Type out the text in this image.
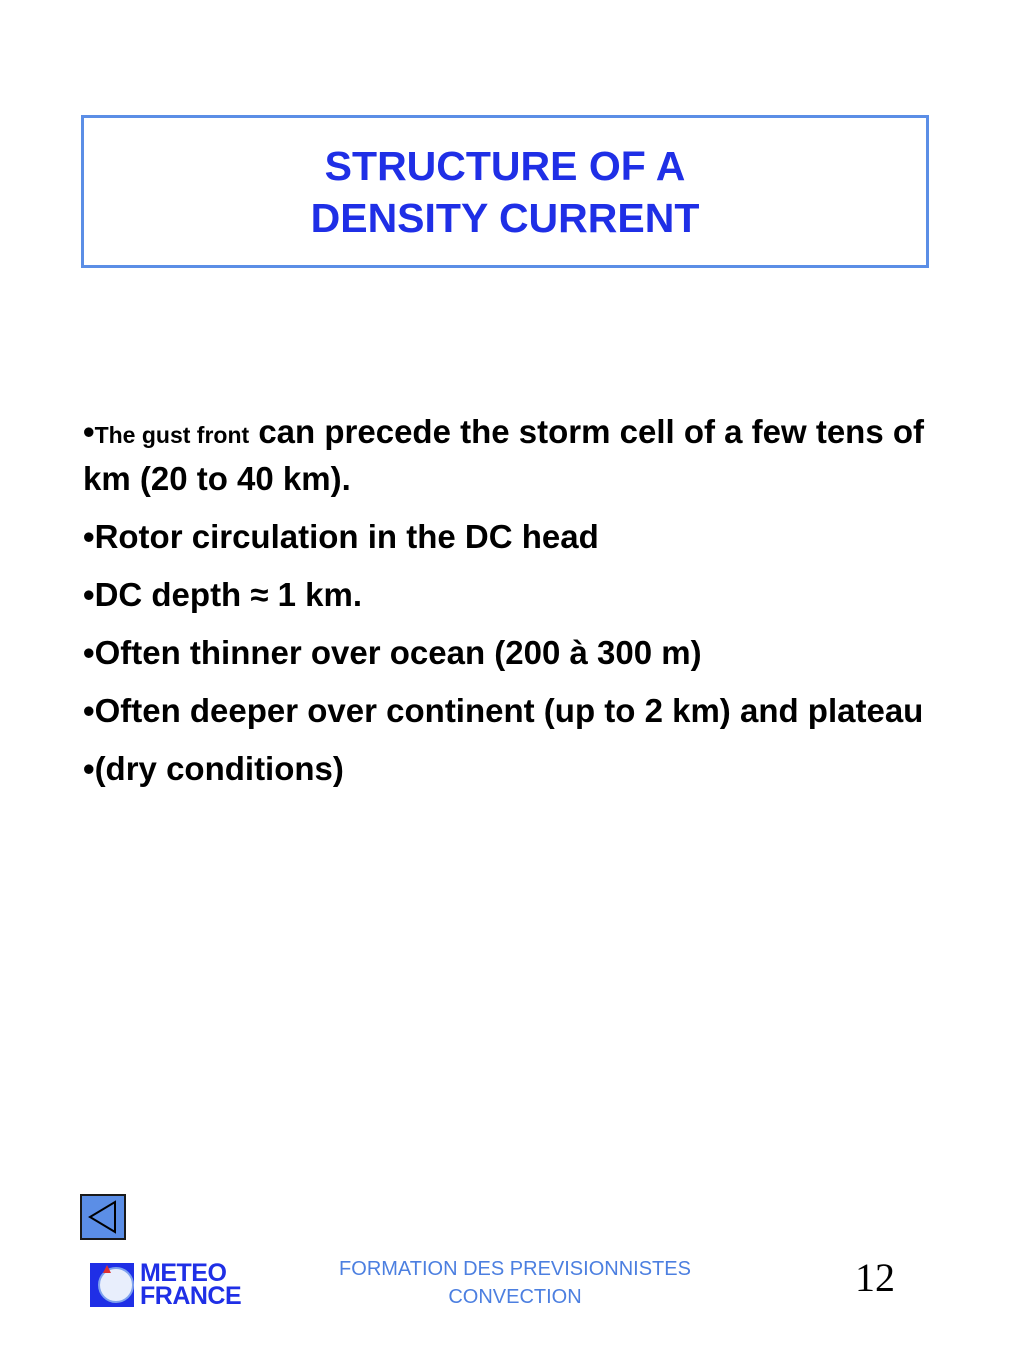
STRUCTURE OF A
DENSITY CURRENT
•The gust front can precede the storm cell of a few tens of km (20 to 40 km).
•Rotor circulation in the DC head
•DC depth ≈ 1 km.
•Often thinner over ocean (200 à 300 m)
•Often deeper over continent (up to 2 km) and plateau
•(dry conditions)
METEO
FRANCE
FORMATION DES PREVISIONNISTES
CONVECTION	12
